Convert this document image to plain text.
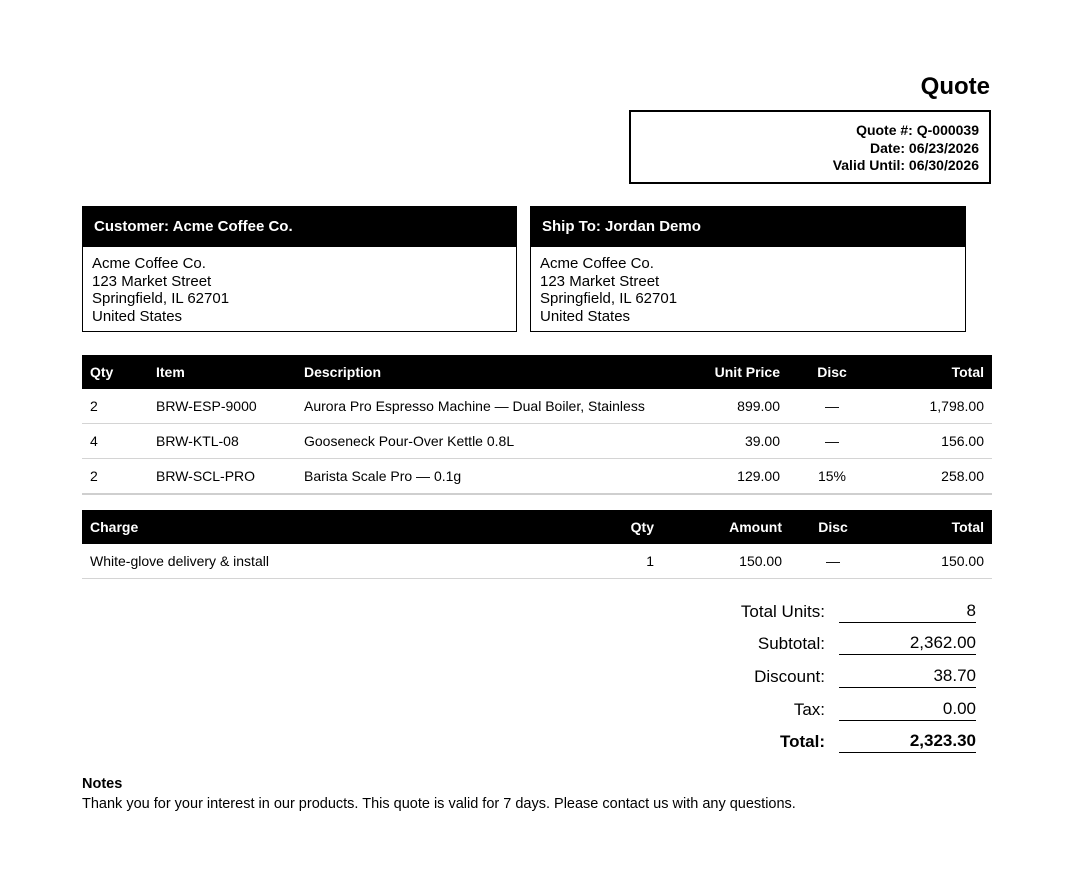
Quote
Quote #: Q-000039
Date: 06/23/2026
Valid Until: 06/30/2026
Customer: Acme Coffee Co.
Acme Coffee Co.
123 Market Street
Springfield, IL 62701
United States
Ship To: Jordan Demo
Acme Coffee Co.
123 Market Street
Springfield, IL 62701
United States
Qty	Item	Description	Unit Price	Disc	Total
2	BRW-ESP-9000	Aurora Pro Espresso Machine — Dual Boiler, Stainless	899.00	—	1,798.00
4	BRW-KTL-08	Gooseneck Pour-Over Kettle 0.8L	39.00	—	156.00
2	BRW-SCL-PRO	Barista Scale Pro — 0.1g	129.00	15%	258.00
Charge	Qty	Amount	Disc	Total
White-glove delivery & install	1	150.00	—	150.00
Total Units:	8
Subtotal:	2,362.00
Discount:	38.70
Tax:	0.00
Total:	2,323.30
Notes
Thank you for your interest in our products. This quote is valid for 7 days. Please contact us with any questions.
